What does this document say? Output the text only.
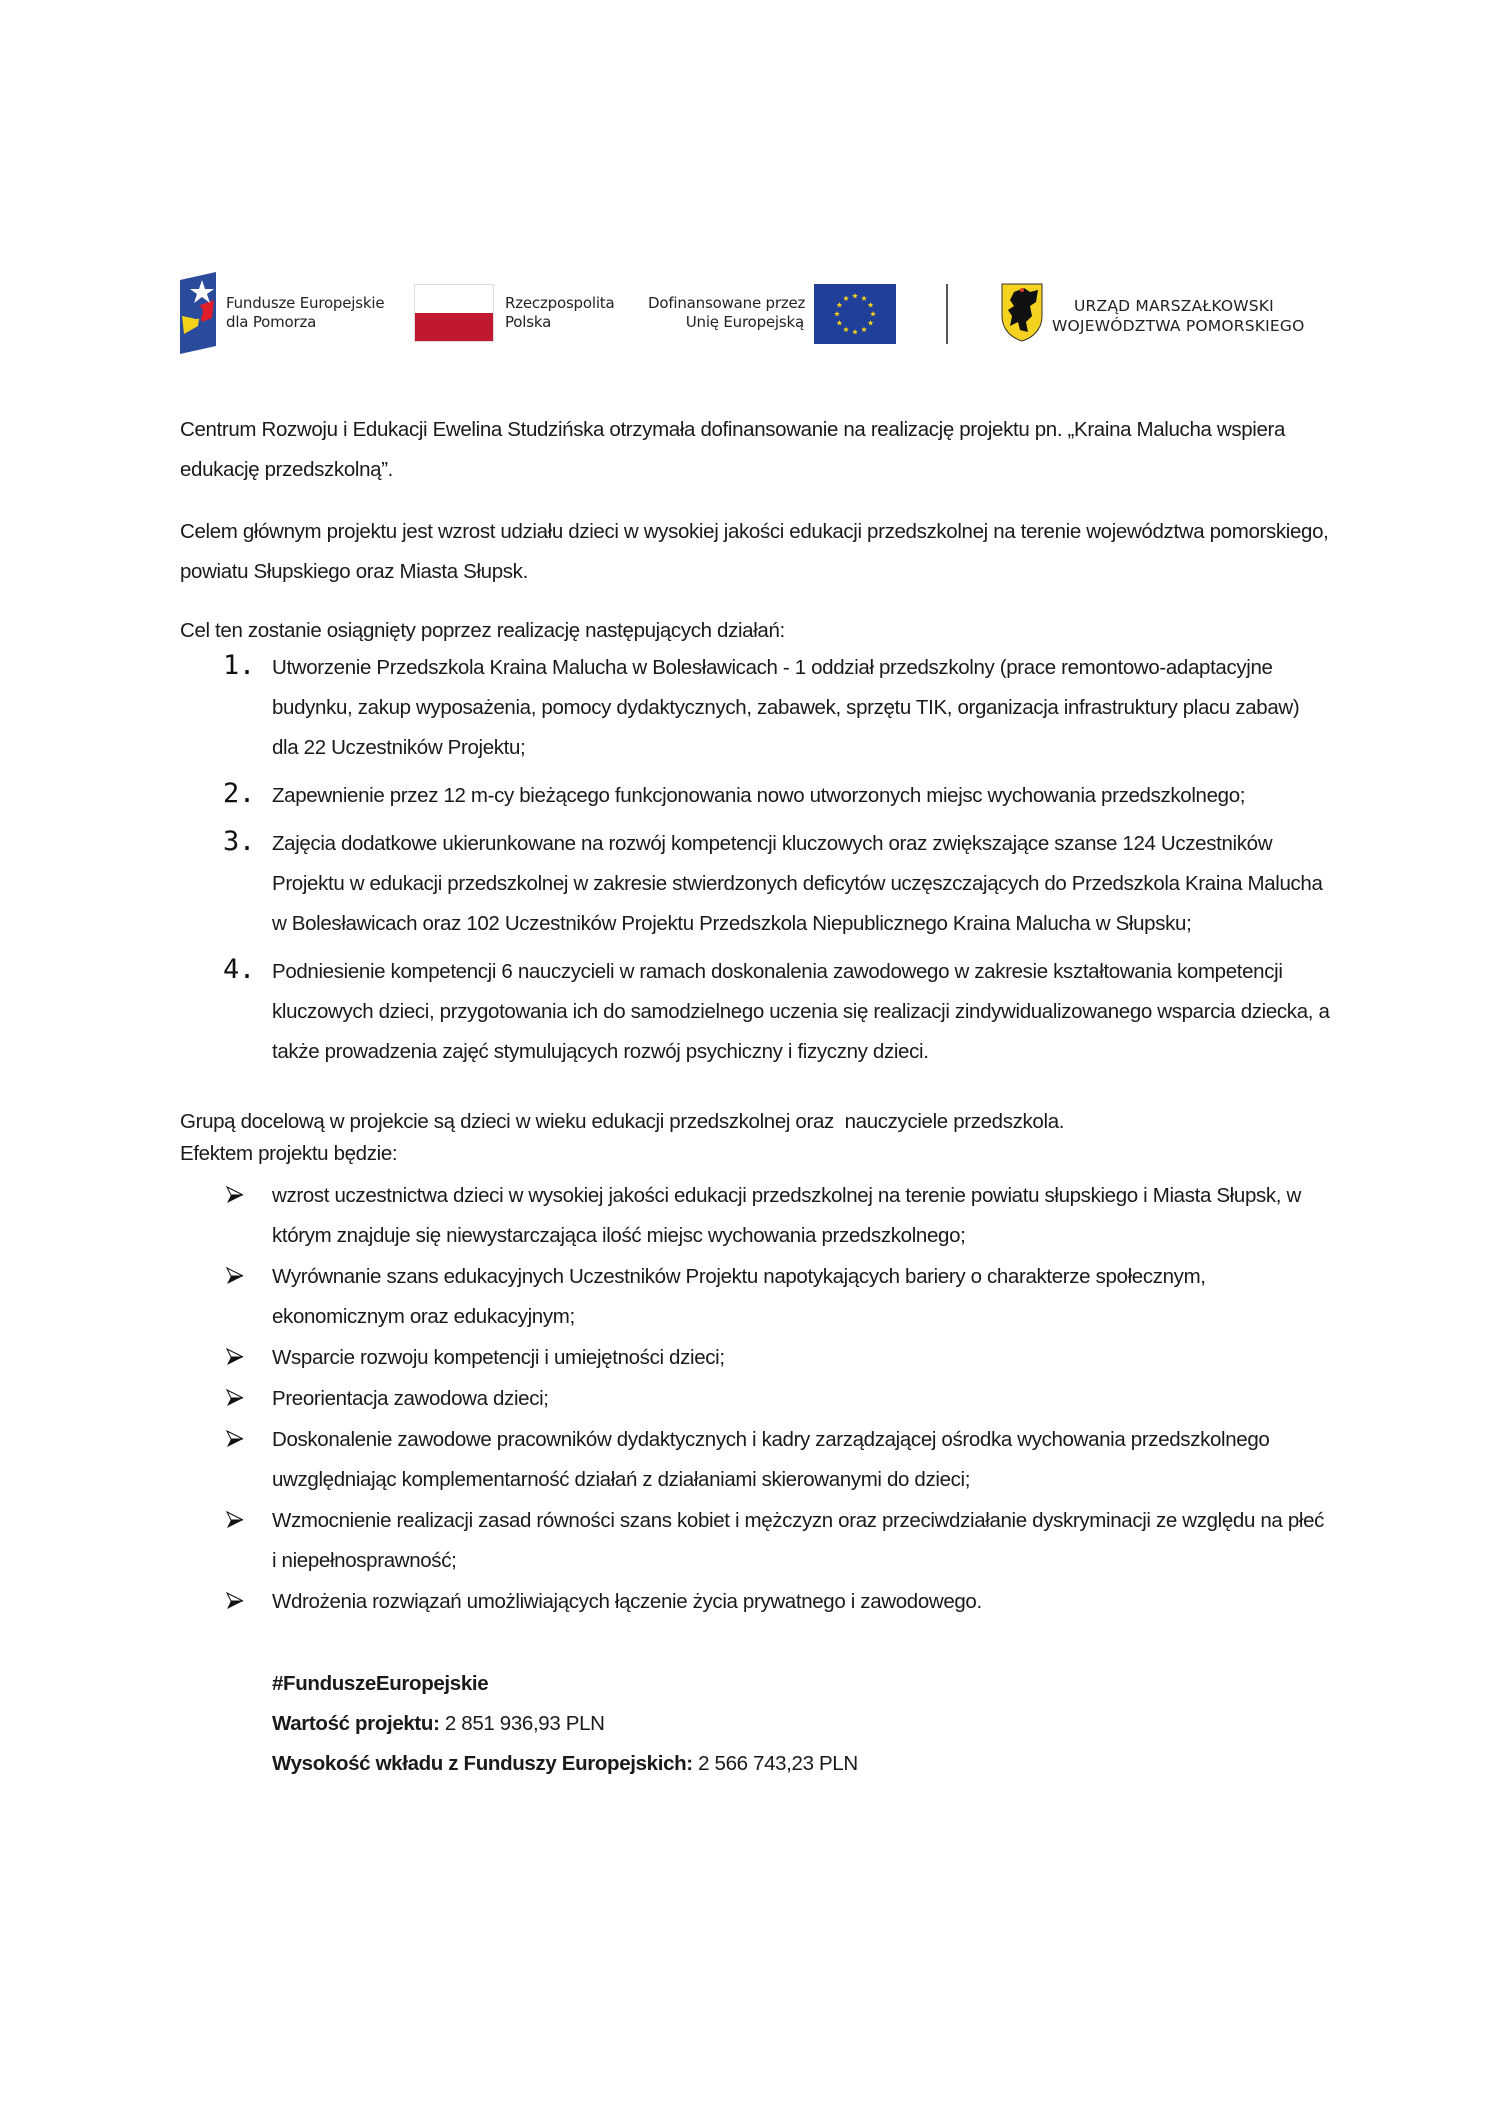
Fundusze Europejskie
dla Pomorza
Rzeczpospolita
Polska
Dofinansowane przez
Unię Europejską
URZĄD MARSZAŁKOWSKI
WOJEWÓDZTWA POMORSKIEGO

Centrum Rozwoju i Edukacji Ewelina Studzińska otrzymała dofinansowanie na realizację projektu pn. „Kraina Malucha wspiera edukację przedszkolną”.

Celem głównym projektu jest wzrost udziału dzieci w wysokiej jakości edukacji przedszkolnej na terenie województwa pomorskiego, powiatu Słupskiego oraz Miasta Słupsk.

Cel ten zostanie osiągnięty poprzez realizację następujących działań:

1. Utworzenie Przedszkola Kraina Malucha w Bolesławicach - 1 oddział przedszkolny (prace remontowo-adaptacyjne budynku, zakup wyposażenia, pomocy dydaktycznych, zabawek, sprzętu TIK, organizacja infrastruktury placu zabaw) dla 22 Uczestników Projektu;
2. Zapewnienie przez 12 m-cy bieżącego funkcjonowania nowo utworzonych miejsc wychowania przedszkolnego;
3. Zajęcia dodatkowe ukierunkowane na rozwój kompetencji kluczowych oraz zwiększające szanse 124 Uczestników Projektu w edukacji przedszkolnej w zakresie stwierdzonych deficytów uczęszczających do Przedszkola Kraina Malucha w Bolesławicach oraz 102 Uczestników Projektu Przedszkola Niepublicznego Kraina Malucha w Słupsku;
4. Podniesienie kompetencji 6 nauczycieli w ramach doskonalenia zawodowego w zakresie kształtowania kompetencji kluczowych dzieci, przygotowania ich do samodzielnego uczenia się realizacji zindywidualizowanego wsparcia dziecka, a także prowadzenia zajęć stymulujących rozwój psychiczny i fizyczny dzieci.

Grupą docelową w projekcie są dzieci w wieku edukacji przedszkolnej oraz  nauczyciele przedszkola.

Efektem projektu będzie:

wzrost uczestnictwa dzieci w wysokiej jakości edukacji przedszkolnej na terenie powiatu słupskiego i Miasta Słupsk, w którym znajduje się niewystarczająca ilość miejsc wychowania przedszkolnego;
Wyrównanie szans edukacyjnych Uczestników Projektu napotykających bariery o charakterze społecznym, ekonomicznym oraz edukacyjnym;
Wsparcie rozwoju kompetencji i umiejętności dzieci;
Preorientacja zawodowa dzieci;
Doskonalenie zawodowe pracowników dydaktycznych i kadry zarządzającej ośrodka wychowania przedszkolnego uwzględniając komplementarność działań z działaniami skierowanymi do dzieci;
Wzmocnienie realizacji zasad równości szans kobiet i mężczyzn oraz przeciwdziałanie dyskryminacji ze względu na płeć i niepełnosprawność;
Wdrożenia rozwiązań umożliwiających łączenie życia prywatnego i zawodowego.

#FunduszeEuropejskie

Wartość projektu: 2 851 936,93 PLN

Wysokość wkładu z Funduszy Europejskich: 2 566 743,23 PLN
